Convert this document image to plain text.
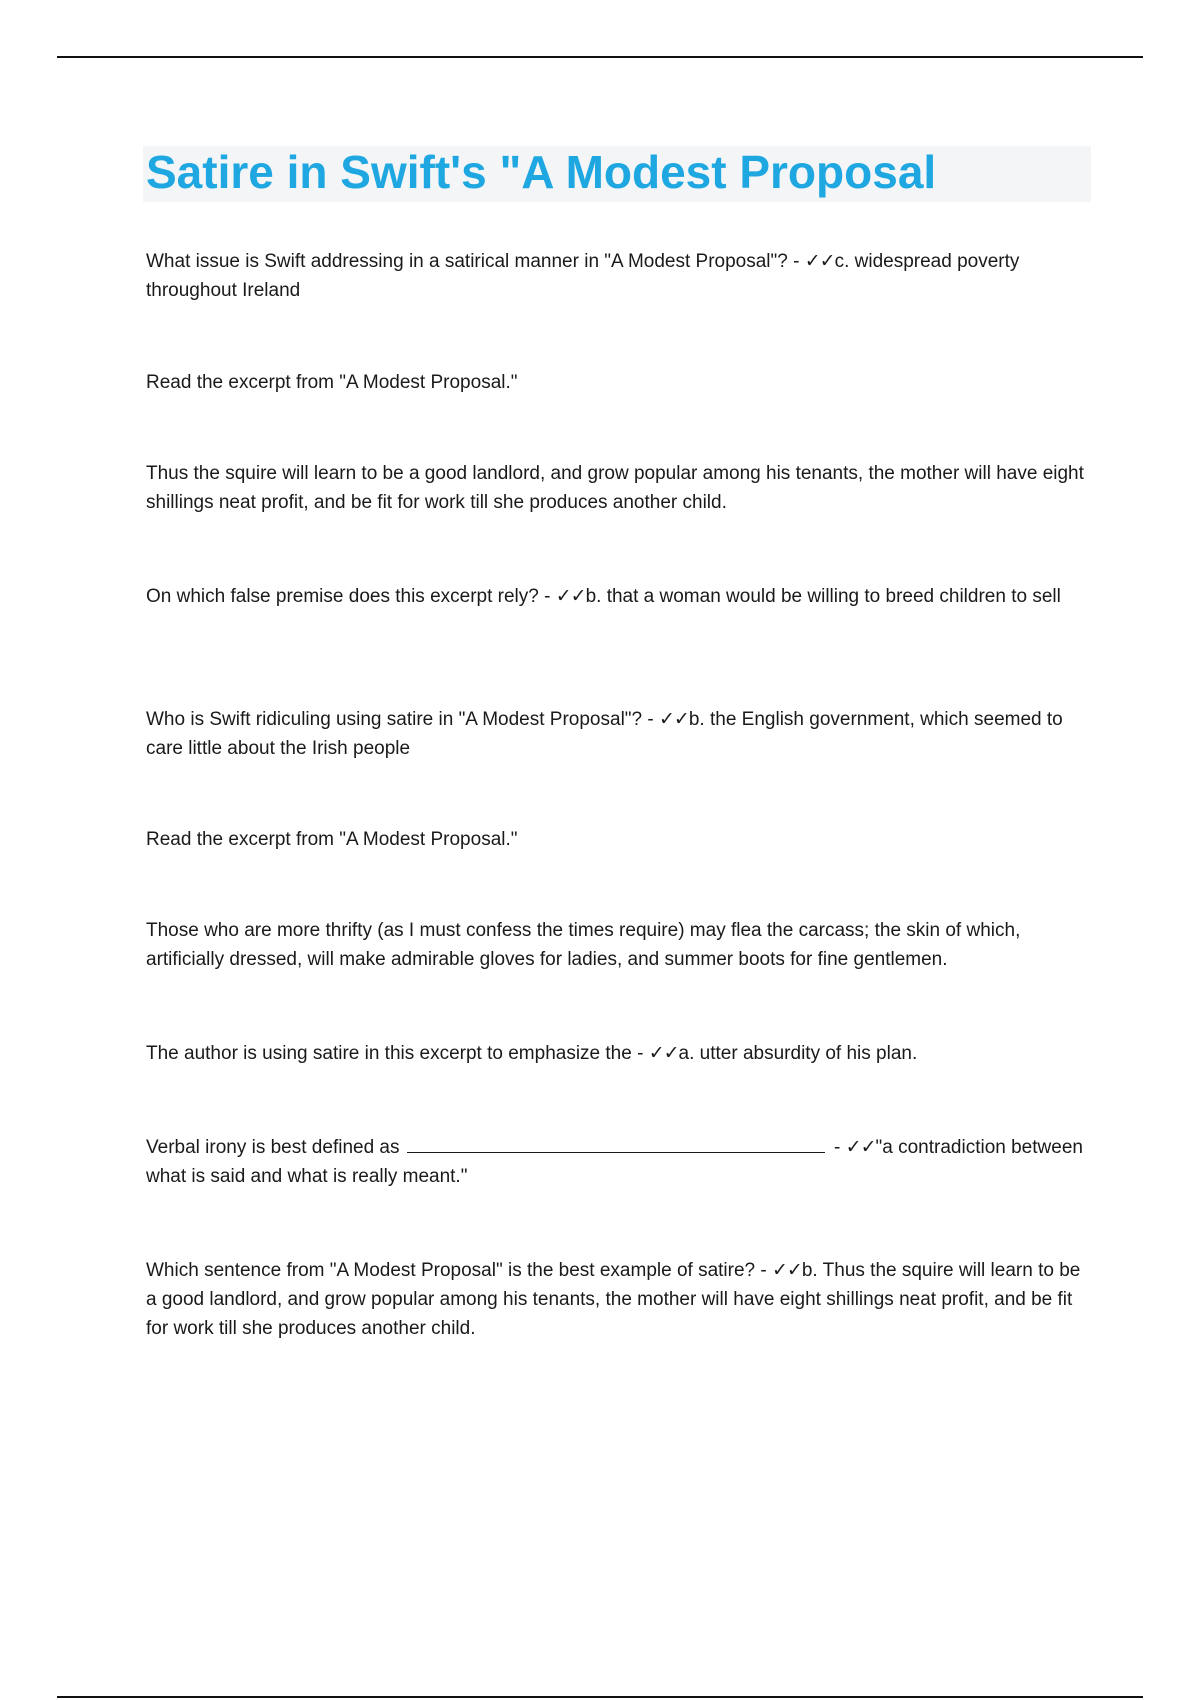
Satire in Swift's "A Modest Proposal

What issue is Swift addressing in a satirical manner in "A Modest Proposal"? - ✓✓c. widespread poverty throughout Ireland

Read the excerpt from "A Modest Proposal."

Thus the squire will learn to be a good landlord, and grow popular among his tenants, the mother will have eight shillings neat profit, and be fit for work till she produces another child.

On which false premise does this excerpt rely? - ✓✓b. that a woman would be willing to breed children to sell

Who is Swift ridiculing using satire in "A Modest Proposal"? - ✓✓b. the English government, which seemed to care little about the Irish people

Read the excerpt from "A Modest Proposal."

Those who are more thrifty (as I must confess the times require) may flea the carcass; the skin of which, artificially dressed, will make admirable gloves for ladies, and summer boots for fine gentlemen.

The author is using satire in this excerpt to emphasize the - ✓✓a. utter absurdity of his plan.

Verbal irony is best defined as	- ✓✓"a contradiction between what is said and what is really meant."

Which sentence from "A Modest Proposal" is the best example of satire? - ✓✓b. Thus the squire will learn to be a good landlord, and grow popular among his tenants, the mother will have eight shillings neat profit, and be fit for work till she produces another child.
